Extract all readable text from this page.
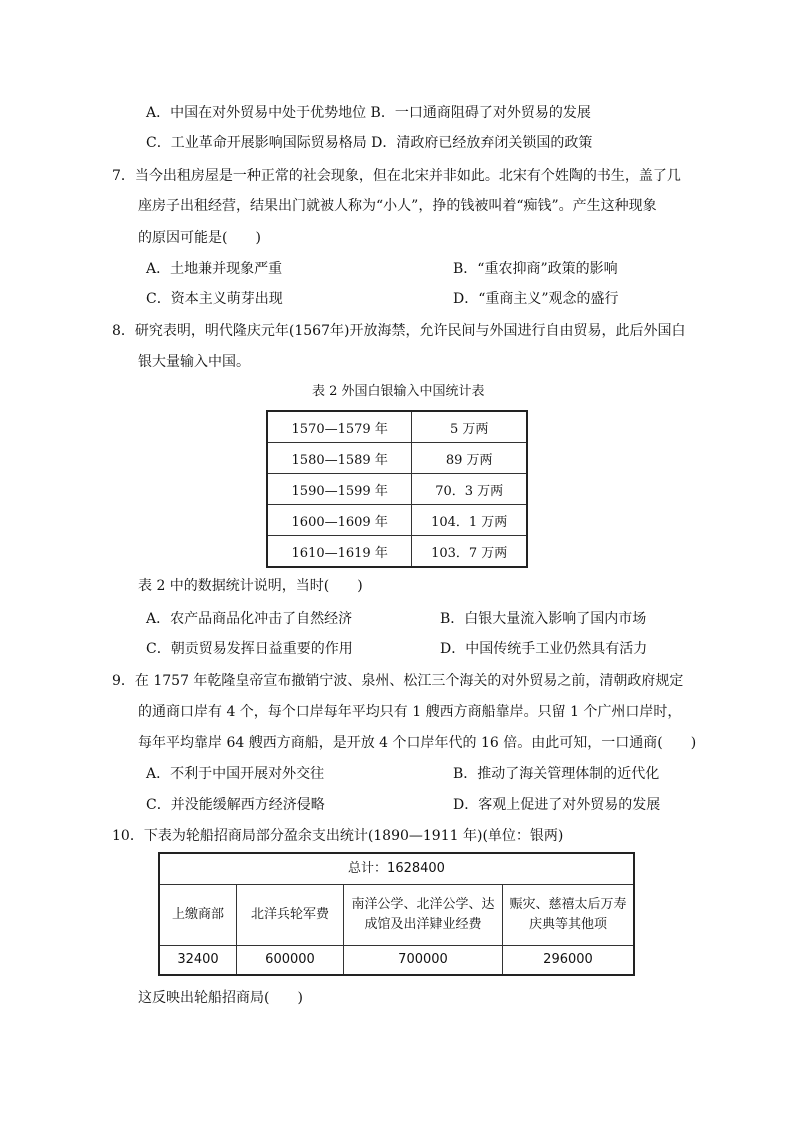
A．中国在对外贸易中处于优势地位 B．一口通商阻碍了对外贸易的发展
C．工业革命开展影响国际贸易格局 D．清政府已经放弃闭关锁国的政策
7．当今出租房屋是一种正常的社会现象，但在北宋并非如此。北宋有个姓陶的书生，盖了几
座房子出租经营，结果出门就被人称为“小人”，挣的钱被叫着“痴钱”。产生这种现象
的原因可能是(　　)
A．土地兼并现象严重	B．“重农抑商”政策的影响
C．资本主义萌芽出现	D．“重商主义”观念的盛行
8．研究表明，明代隆庆元年(1567年)开放海禁，允许民间与外国进行自由贸易，此后外国白
银大量输入中国。
表 2 外国白银输入中国统计表
1570—1579 年	5 万两
1580—1589 年	89 万两
1590—1599 年	70．3 万两
1600—1609 年	104．1 万两
1610—1619 年	103．7 万两
表 2 中的数据统计说明，当时(　　)
A．农产品商品化冲击了自然经济	B．白银大量流入影响了国内市场
C．朝贡贸易发挥日益重要的作用	D．中国传统手工业仍然具有活力
9．在 1757 年乾隆皇帝宣布撤销宁波、泉州、松江三个海关的对外贸易之前，清朝政府规定
的通商口岸有 4 个，每个口岸每年平均只有 1 艘西方商船靠岸。只留 1 个广州口岸时，
每年平均靠岸 64 艘西方商船，是开放 4 个口岸年代的 16 倍。由此可知，一口通商(　　)
A．不利于中国开展对外交往	B．推动了海关管理体制的近代化
C．并没能缓解西方经济侵略	D．客观上促进了对外贸易的发展
10．下表为轮船招商局部分盈余支出统计(1890—1911 年)(单位：银两)
总计：1628400			
上缴商部	北洋兵轮军费	南洋公学、北洋公学、达成馆及出洋肄业经费	赈灾、慈禧太后万寿庆典等其他项
32400	600000	700000	296000
这反映出轮船招商局(　　)
